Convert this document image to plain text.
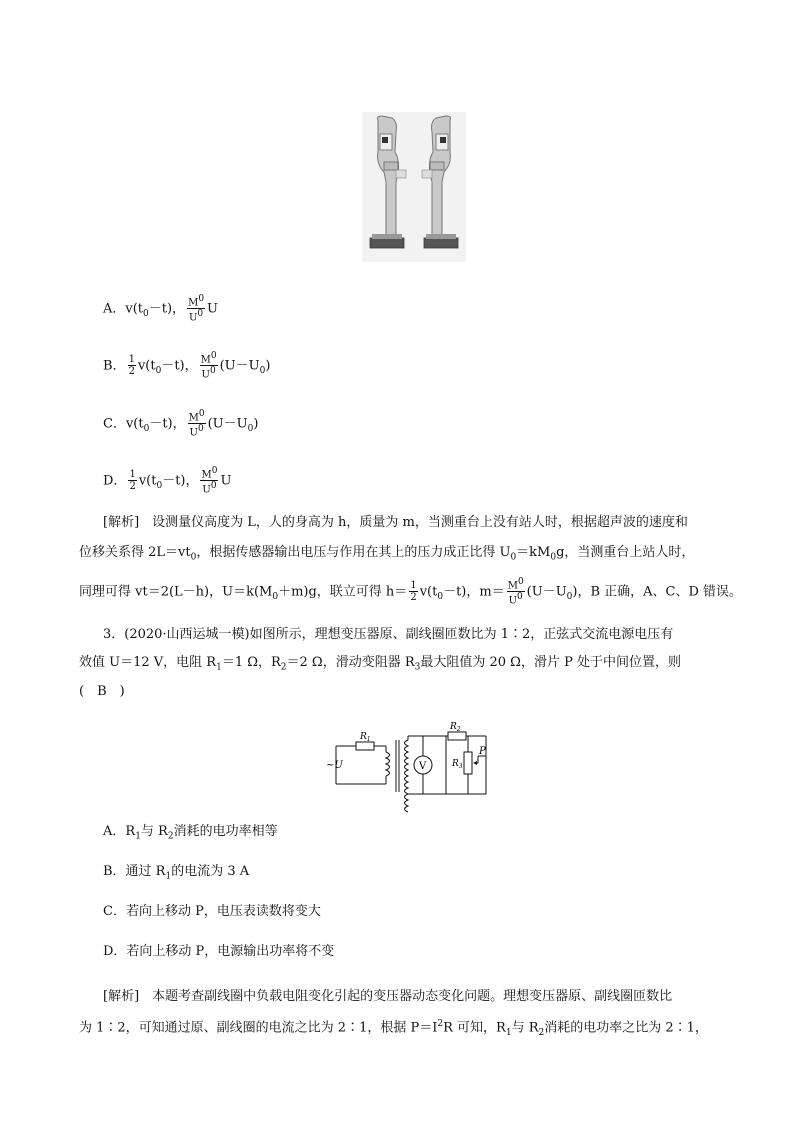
A．$v(t_0-t)$， $\frac{M^0}{U^0}$ U
B． $\frac{1}{2} v(t_0-t)$， $\frac{M^0}{U^0} (U-U_0)$
C．$v(t_0-t)$， $\frac{M^0}{U^0} (U-U_0)$
D． $\frac{1}{2} v(t_0-t)$， $\frac{M^0}{U^0}$ U
[解析]　设测量仪高度为 L，人的身高为 h，质量为 m，当测重台上没有站人时，根据超声波的速度和
位移关系得 $2L=vt_0$，根据传感器输出电压与作用在其上的压力成正比得 $U_0=kM_0g$，当测重台上站人时，
同理可得 vt＝2(L－h)，$U=k(M_0+m)g$，联立可得 $h= \frac{1}{2} v(t_0-t)$，$m= \frac{M^0}{U^0} (U-U_0)$，B 正确，A、C、D 错误。
3．(2020·山西运城一模)如图所示，理想变压器原、副线圈匝数比为 1∶2，正弦式交流电源电压有
效值 U＝12 V，电阻 $R_1=1$ Ω，$R_2=2$ Ω，滑动变阻器 $R_3$最大阻值为 20 Ω，滑片 P 处于中间位置，则
(　B　)
~U
$R_1$
$R_2$
$R_3$
P
V
A．$R_1$与 $R_2$消耗的电功率相等
B．通过 $R_1$的电流为 3 A
C．若向上移动 P，电压表读数将变大
D．若向上移动 P，电源输出功率将不变
[解析]　本题考查副线圈中负载电阻变化引起的变压器动态变化问题。理想变压器原、副线圈匝数比
为 1∶2，可知通过原、副线圈的电流之比为 2∶1，根据 $P=I^2R$ 可知，$R_1$与 $R_2$消耗的电功率之比为 2∶1，
